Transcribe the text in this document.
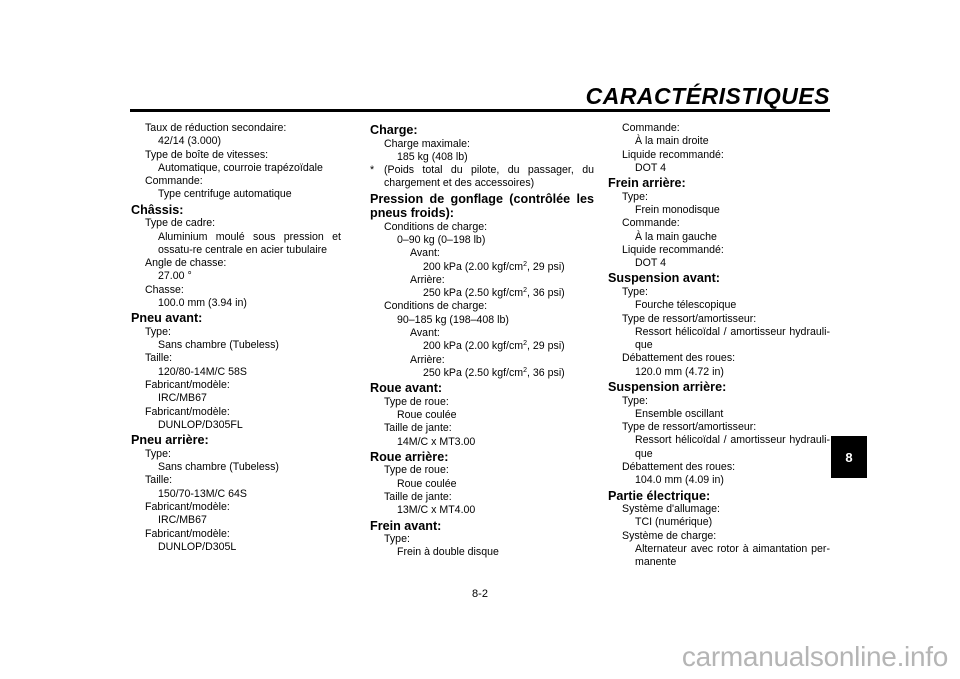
CARACTÉRISTIQUES
8
Taux de réduction secondaire:
42/14 (3.000)
Type de boîte de vitesses:
Automatique, courroie trapézoïdale
Commande:
Type centrifuge automatique
Châssis:
Type de cadre:
Aluminium moulé sous pression et ossatu-re centrale en acier tubulaire
Angle de chasse:
27.00 °
Chasse:
100.0 mm (3.94 in)
Pneu avant:
Type:
Sans chambre (Tubeless)
Taille:
120/80-14M/C 58S
Fabricant/modèle:
IRC/MB67
Fabricant/modèle:
DUNLOP/D305FL
Pneu arrière:
Type:
Sans chambre (Tubeless)
Taille:
150/70-13M/C 64S
Fabricant/modèle:
IRC/MB67
Fabricant/modèle:
DUNLOP/D305L
Charge:
Charge maximale:
185 kg (408 lb)
* (Poids total du pilote, du passager, du chargement et des accessoires)
Pression de gonflage (contrôlée les pneus froids):
Conditions de charge:
0–90 kg (0–198 lb)
Avant:
200 kPa (2.00 kgf/$cm^2$, 29 psi)
Arrière:
250 kPa (2.50 kgf/$cm^2$, 36 psi)
Conditions de charge:
90–185 kg (198–408 lb)
Avant:
200 kPa (2.00 kgf/$cm^2$, 29 psi)
Arrière:
250 kPa (2.50 kgf/$cm^2$, 36 psi)
Roue avant:
Type de roue:
Roue coulée
Taille de jante:
14M/C x MT3.00
Roue arrière:
Type de roue:
Roue coulée
Taille de jante:
13M/C x MT4.00
Frein avant:
Type:
Frein à double disque
Commande:
À la main droite
Liquide recommandé:
DOT 4
Frein arrière:
Type:
Frein monodisque
Commande:
À la main gauche
Liquide recommandé:
DOT 4
Suspension avant:
Type:
Fourche télescopique
Type de ressort/amortisseur:
Ressort hélicoïdal / amortisseur hydrauli-que
Débattement des roues:
120.0 mm (4.72 in)
Suspension arrière:
Type:
Ensemble oscillant
Type de ressort/amortisseur:
Ressort hélicoïdal / amortisseur hydrauli-que
Débattement des roues:
104.0 mm (4.09 in)
Partie électrique:
Système d'allumage:
TCI (numérique)
Système de charge:
Alternateur avec rotor à aimantation per-manente
8-2
carmanualsonline.info
